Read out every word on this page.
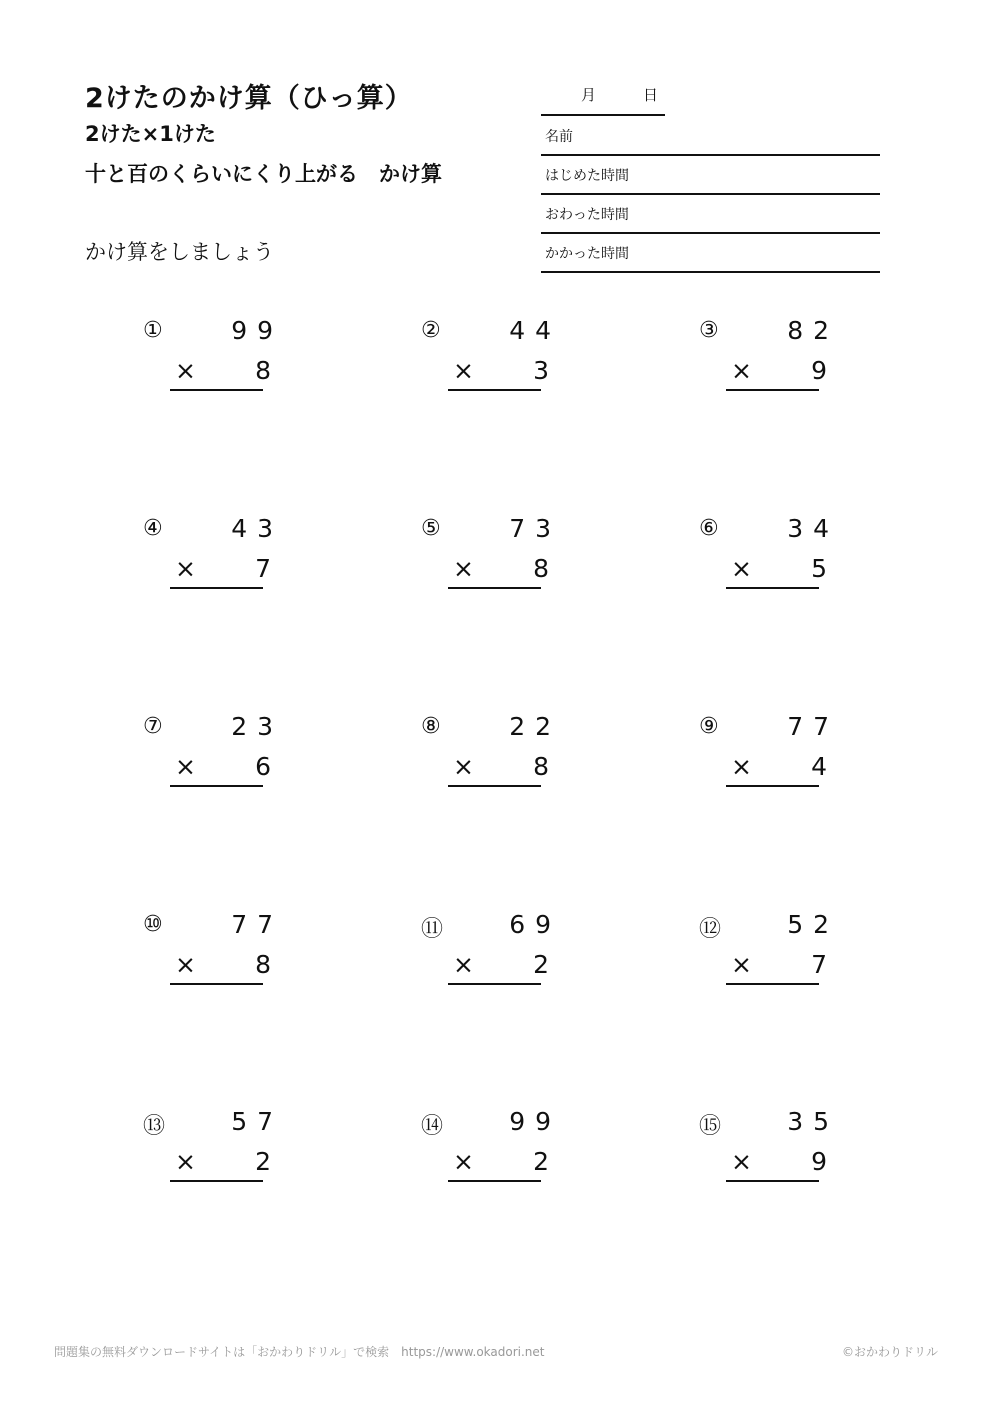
2けたのかけ算（ひっ算）
2けた×1けた
十と百のくらいにくり上がる　かけ算
かけ算をしましょう
月	日
名前
はじめた時間
おわった時間
かかった時間
①	99
× 8
②	44
× 3
③	82
× 9
④	43
× 7
⑤	73
× 8
⑥	34
× 5
⑦	23
× 6
⑧	22
× 8
⑨	77
× 4
⑩	77
× 8
⑪	69
× 2
⑫	52
× 7
⑬	57
× 2
⑭	99
× 2
⑮	35
× 9
問題集の無料ダウンロードサイトは「おかわりドリル」で検索　https://www.okadori.net	©おかわりドリル
